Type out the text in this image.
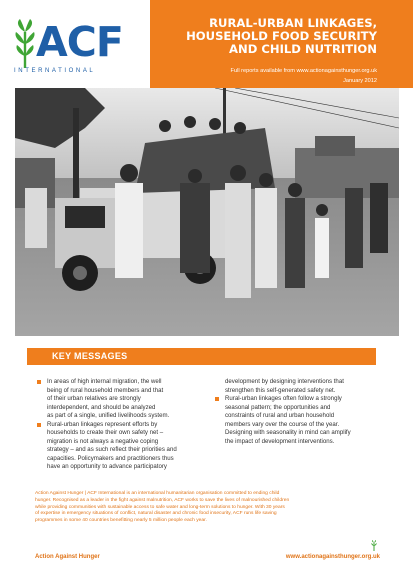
ACF
INTERNATIONAL
RURAL-URBAN LINKAGES,
HOUSEHOLD FOOD SECURITY
AND CHILD NUTRITION
Full reports available from www.actionagainsthunger.org.uk
January 2012
KEY MESSAGES
In areas of high internal migration, the well
being of rural household members and that
of their urban relatives are strongly
interdependent, and should be analyzed
as part of a single, unified livelihoods system.
Rural-urban linkages represent efforts by
households to create their own safety net –
migration is not always a negative coping
strategy – and as such reflect their priorities and
capacities. Policymakers and practitioners thus
have an opportunity to advance participatory
development by designing interventions that
strengthen this self-generated safety net.
Rural-urban linkages often follow a strongly
seasonal pattern; the opportunities and
constraints of rural and urban household
members vary over the course of the year.
Designing with seasonality in mind can amplify
the impact of development interventions.
Action Against Hunger | ACF International is an international humanitarian organisation committed to ending child
hunger. Recognised as a leader in the fight against malnutrition, ACF works to save the lives of malnourished children
while providing communities with sustainable access to safe water and long-term solutions to hunger. With 30 years
of expertise in emergency situations of conflict, natural disaster and chronic food insecurity, ACF runs life saving
programmes in some 40 countries benefitting nearly 5 million people each year.
Action Against Hunger	www.actionagainsthunger.org.uk
